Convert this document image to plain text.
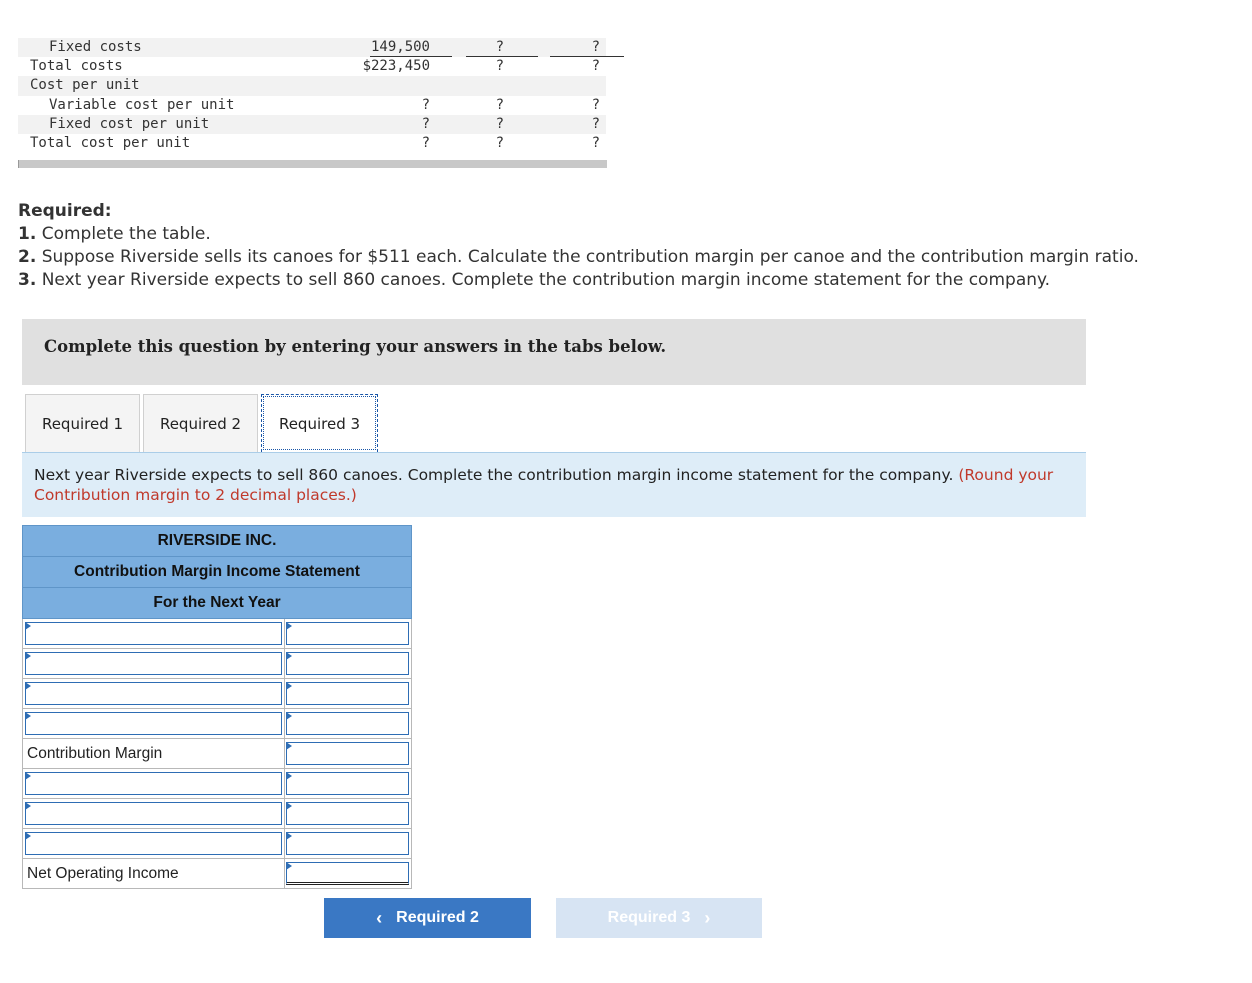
Fixed costs	149,500	?	?
Total costs	$223,450	?	?
Cost per unit
Variable cost per unit	?	?	?
Fixed cost per unit	?	?	?
Total cost per unit	?	?	?
Required:
1. Complete the table.
2. Suppose Riverside sells its canoes for $511 each. Calculate the contribution margin per canoe and the contribution margin ratio.
3. Next year Riverside expects to sell 860 canoes. Complete the contribution margin income statement for the company.
Complete this question by entering your answers in the tabs below.
Required 1	Required 2	Required 3
Next year Riverside expects to sell 860 canoes. Complete the contribution margin income statement for the company. (Round your Contribution margin to 2 decimal places.)
RIVERSIDE INC.
Contribution Margin Income Statement
For the Next Year
Contribution Margin
Net Operating Income
‹ Required 2	Required 3 ›
